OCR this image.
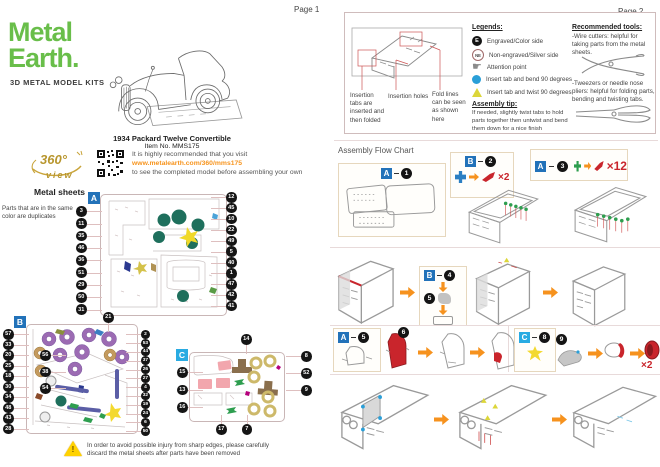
Page 1
Metal
Earth.
3D METAL MODEL KITS
1934 Packard Twelve Convertible
Item No. MMS175
360°
view
It is highly recommended that you visit
www.metalearth.com/360/mms175
to see the completed model before assembling your own
Metal sheets
Parts that are in the same color are duplicates
A
3
11
35
46
36
51
29
50
31
12
45
10
22
49
5
40
1
47
42
41
B	21
57
33
20
25
18
30
34
48
43
28
56
38
54
2
53
44
37
26
27
4
32
19
24
6
50
C
14
15
13
16
17	7
8
52
9
! In order to avoid possible injury from sharp edges, please carefully
discard the metal sheets after parts have been removed
Insertion tabs are inserted and then folded
Insertion holes Fold lines can be seen as shown here
Legends:
E	Engraved/Color side
NE	Non-engraved/Silver side
☛ Attention point
Insert tab and bend 90 degrees
Insert tab and twist 90 degrees
Assembly tip:
If needed, slightly twist tabs to hold
parts together then untwist and bend
them down for a nice finish
Recommended tools:
-Wire cutters: helpful for taking parts from the metal sheets.
-Tweezers or needle nose pliers: helpful for folding parts, bending and twisting tabs.
Assembly Flow Chart
A	1
B	2
×2
A	3	×12
B	4
5
A	5
6
C	8	9
×2
